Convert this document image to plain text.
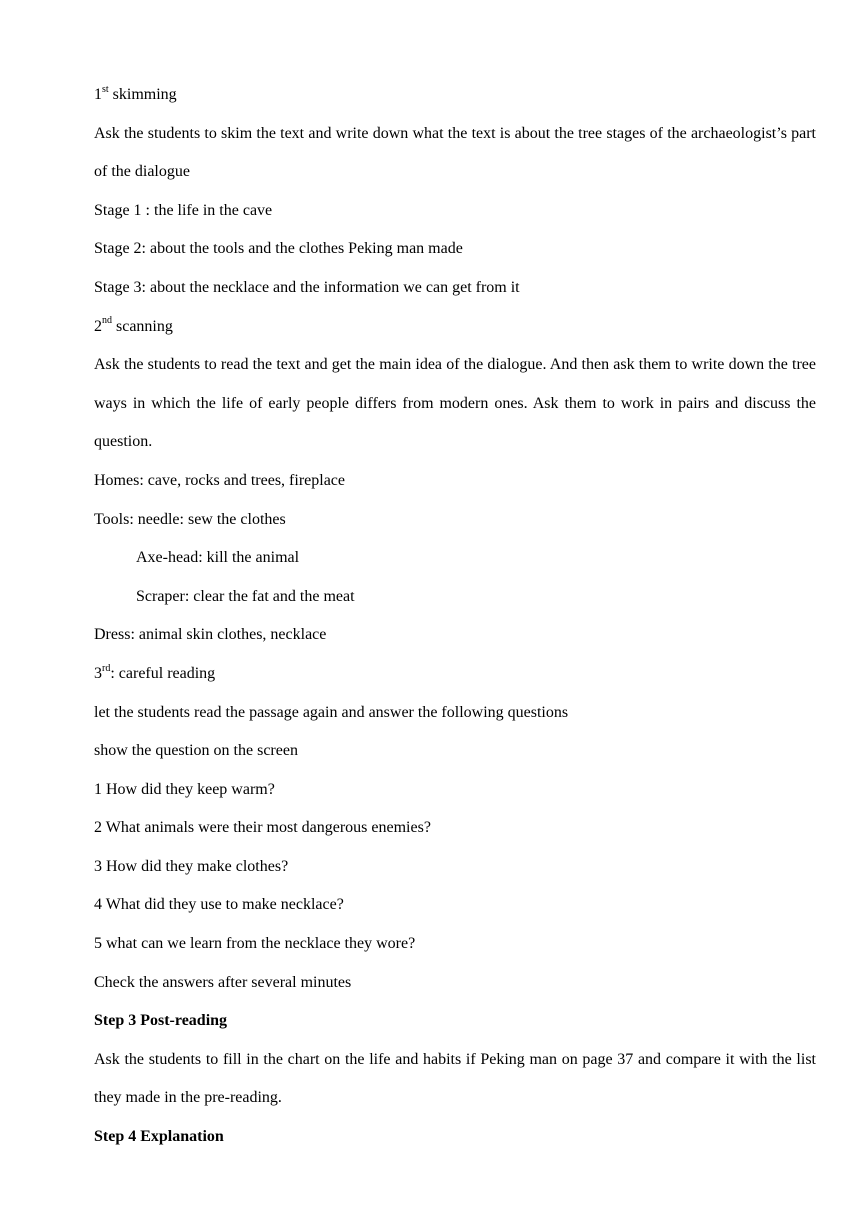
1st skimming
Ask the students to skim the text and write down what the text is about the tree stages of the archaeologist’s part of the dialogue
Stage 1 : the life in the cave
Stage 2: about the tools and the clothes Peking man made
Stage 3: about the necklace and the information we can get from it
2nd scanning
Ask the students to read the text and get the main idea of the dialogue. And then ask them to write down the tree ways in which the life of early people differs from modern ones. Ask them to work in pairs and discuss the question.
Homes: cave, rocks and trees, fireplace
Tools: needle: sew the clothes
Axe-head: kill the animal
Scraper: clear the fat and the meat
Dress: animal skin clothes, necklace
3rd: careful reading
let the students read the passage again and answer the following questions
show the question on the screen
1 How did they keep warm?
2 What animals were their most dangerous enemies?
3 How did they make clothes?
4 What did they use to make necklace?
5 what can we learn from the necklace they wore?
Check the answers after several minutes
Step 3 Post-reading
Ask the students to fill in the chart on the life and habits if Peking man on page 37 and compare it with the list they made in the pre-reading.
Step 4 Explanation
